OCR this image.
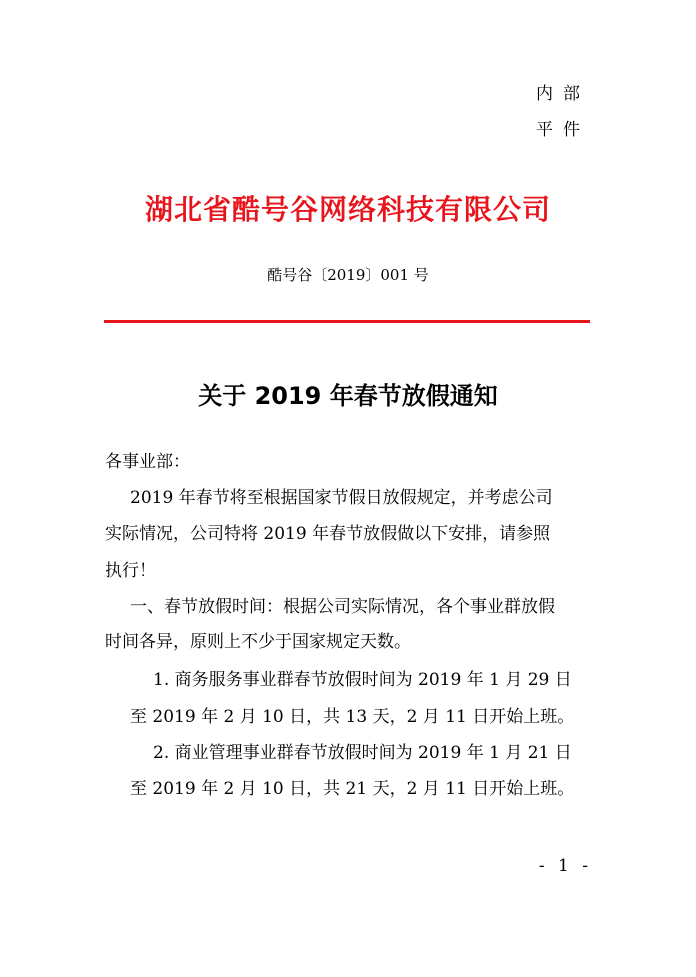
内部
平件
湖北省酷号谷网络科技有限公司
酷号谷〔2019〕001 号
关于 2019 年春节放假通知
各事业部：
2019 年春节将至根据国家节假日放假规定，并考虑公司
实际情况，公司特将 2019 年春节放假做以下安排，请参照
执行！
一、春节放假时间：根据公司实际情况，各个事业群放假
时间各异，原则上不少于国家规定天数。
1. 商务服务事业群春节放假时间为 2019 年 1 月 29 日
至 2019 年 2 月 10 日，共 13 天，2 月 11 日开始上班。
2. 商业管理事业群春节放假时间为 2019 年 1 月 21 日
至 2019 年 2 月 10 日，共 21 天，2 月 11 日开始上班。
- 1 -
